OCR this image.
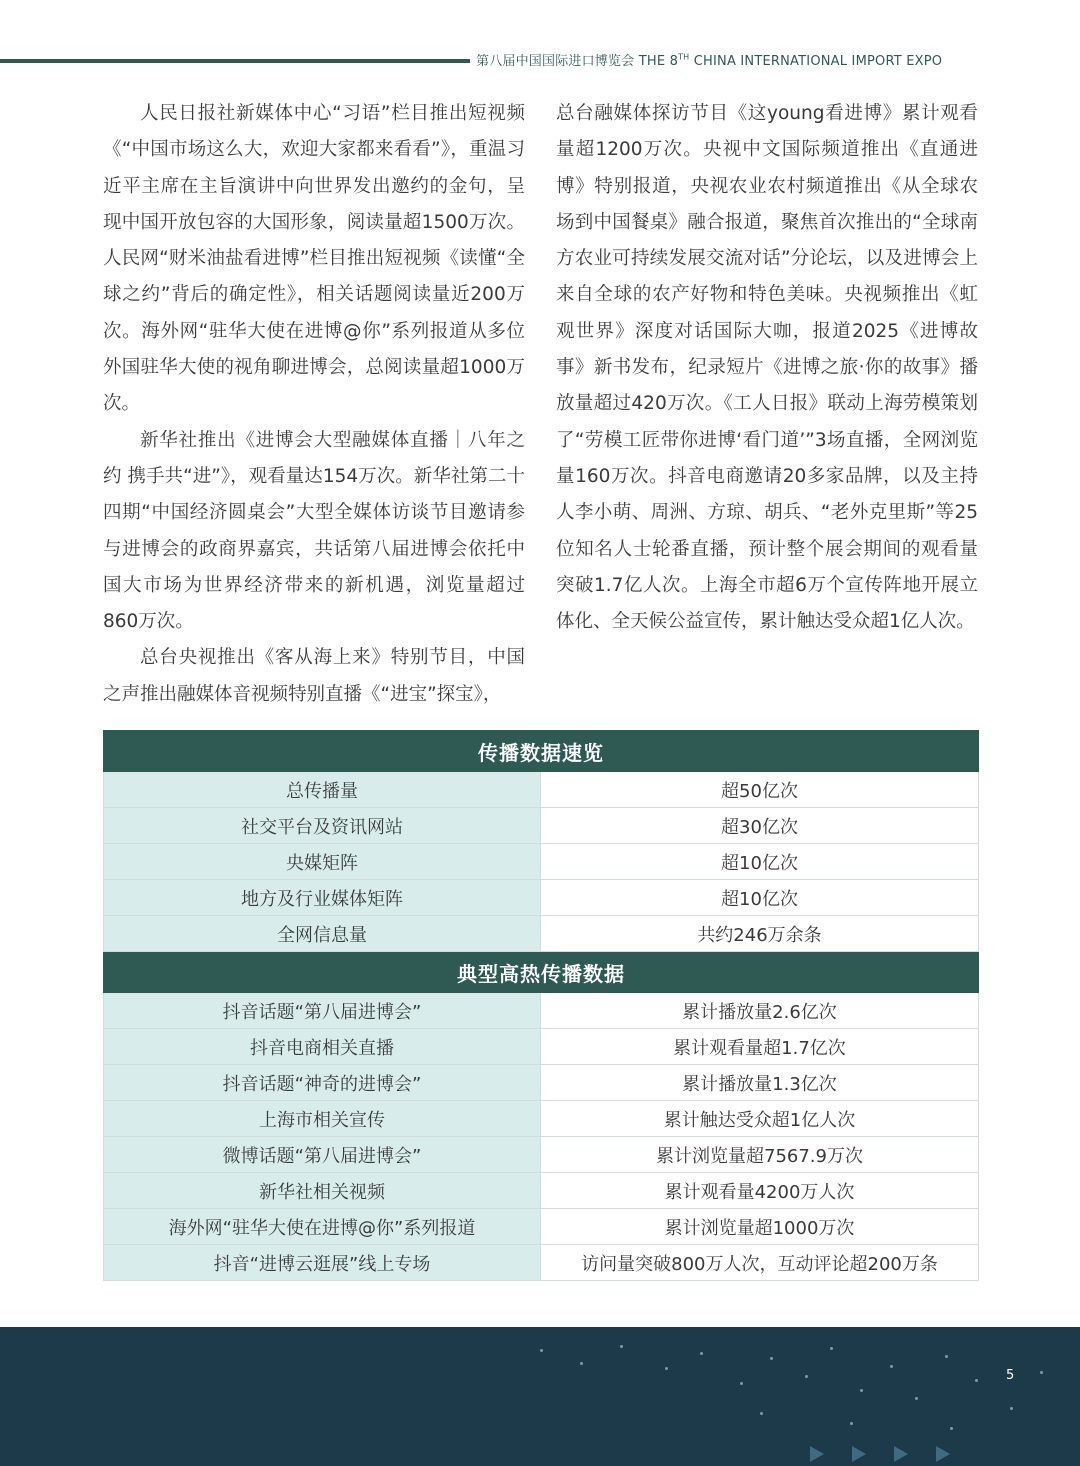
第八届中国国际进口博览会 THE 8TH CHINA INTERNATIONAL IMPORT EXPO

人民日报社新媒体中心“习语”栏目推出短视频《“中国市场这么大，欢迎大家都来看看”》，重温习近平主席在主旨演讲中向世界发出邀约的金句，呈现中国开放包容的大国形象，阅读量超1500万次。人民网“财米油盐看进博”栏目推出短视频《读懂“全球之约”背后的确定性》，相关话题阅读量近200万次。海外网“驻华大使在进博@你”系列报道从多位外国驻华大使的视角聊进博会，总阅读量超1000万次。

新华社推出《进博会大型融媒体直播｜八年之约 携手共“进”》，观看量达154万次。新华社第二十四期“中国经济圆桌会”大型全媒体访谈节目邀请参与进博会的政商界嘉宾，共话第八届进博会依托中国大市场为世界经济带来的新机遇，浏览量超过860万次。

总台央视推出《客从海上来》特别节目，中国之声推出融媒体音视频特别直播《“进宝”探宝》，

总台融媒体探访节目《这young看进博》累计观看量超1200万次。央视中文国际频道推出《直通进博》特别报道，央视农业农村频道推出《从全球农场到中国餐桌》融合报道，聚焦首次推出的“全球南方农业可持续发展交流对话”分论坛，以及进博会上来自全球的农产好物和特色美味。央视频推出《虹观世界》深度对话国际大咖，报道2025《进博故事》新书发布，纪录短片《进博之旅·你的故事》播放量超过420万次。《工人日报》联动上海劳模策划了“劳模工匠带你进博‘看门道’”3场直播，全网浏览量160万次。抖音电商邀请20多家品牌，以及主持人李小萌、周洲、方琼、胡兵、“老外克里斯”等25位知名人士轮番直播，预计整个展会期间的观看量突破1.7亿人次。上海全市超6万个宣传阵地开展立体化、全天候公益宣传，累计触达受众超1亿人次。

传播数据速览	
总传播量	超50亿次
社交平台及资讯网站	超30亿次
央媒矩阵	超10亿次
地方及行业媒体矩阵	超10亿次
全网信息量	共约246万余条
典型高热传播数据	
抖音话题“第八届进博会”	累计播放量2.6亿次
抖音电商相关直播	累计观看量超1.7亿次
抖音话题“神奇的进博会”	累计播放量1.3亿次
上海市相关宣传	累计触达受众超1亿人次
微博话题“第八届进博会”	累计浏览量超7567.9万次
新华社相关视频	累计观看量4200万人次
海外网“驻华大使在进博@你”系列报道	累计浏览量超1000万次
抖音“进博云逛展”线上专场	访问量突破800万人次，互动评论超200万条
5
